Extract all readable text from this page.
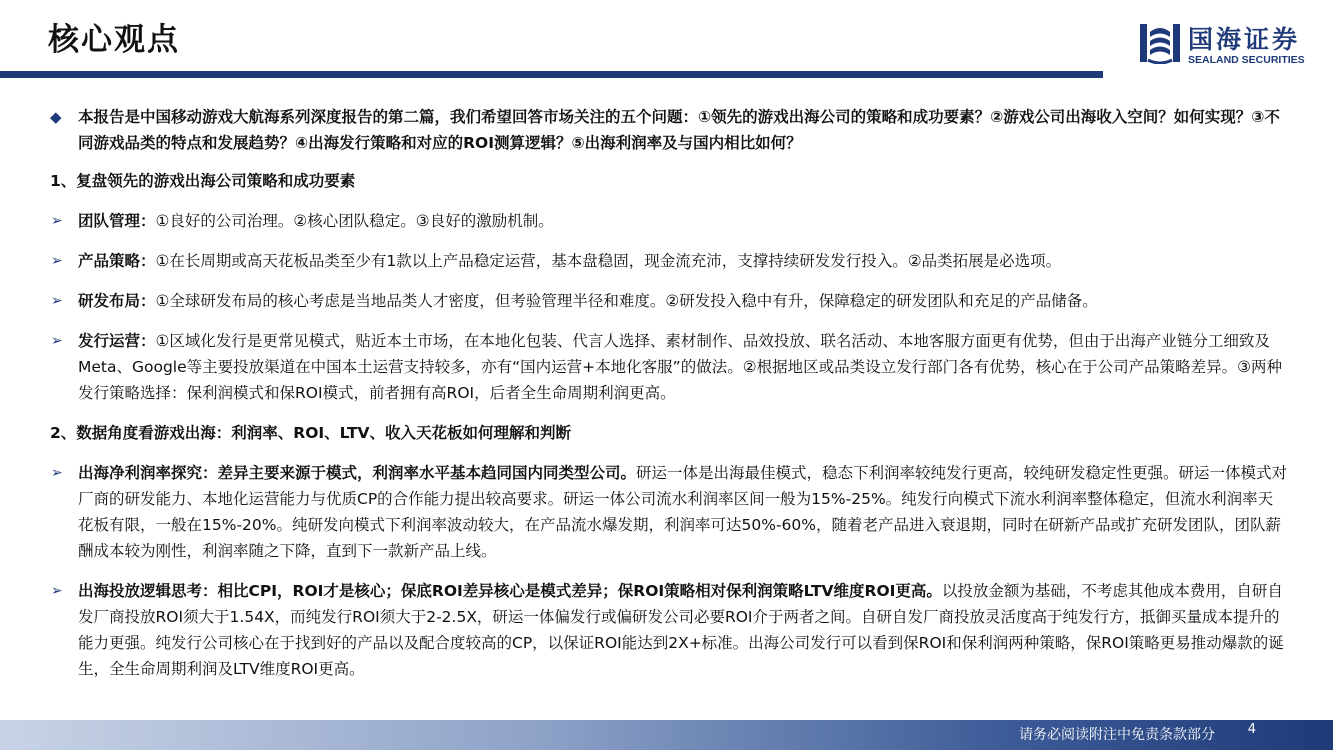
核心观点	国海证券
SEALAND SECURITIES
◆ 本报告是中国移动游戏大航海系列深度报告的第二篇，我们希望回答市场关注的五个问题：①领先的游戏出海公司的策略和成功要素？②游戏公司出海收入空间？如何实现？③不同游戏品类的特点和发展趋势？④出海发行策略和对应的ROI测算逻辑？⑤出海利润率及与国内相比如何？
1、复盘领先的游戏出海公司策略和成功要素
➢ 团队管理：①良好的公司治理。②核心团队稳定。③良好的激励机制。
➢ 产品策略：①在长周期或高天花板品类至少有1款以上产品稳定运营，基本盘稳固，现金流充沛，支撑持续研发发行投入。②品类拓展是必选项。
➢ 研发布局：①全球研发布局的核心考虑是当地品类人才密度，但考验管理半径和难度。②研发投入稳中有升，保障稳定的研发团队和充足的产品储备。
➢ 发行运营：①区域化发行是更常见模式，贴近本土市场，在本地化包装、代言人选择、素材制作、品效投放、联名活动、本地客服方面更有优势，但由于出海产业链分工细致及Meta、Google等主要投放渠道在中国本土运营支持较多，亦有“国内运营+本地化客服”的做法。②根据地区或品类设立发行部门各有优势，核心在于公司产品策略差异。③两种发行策略选择：保利润模式和保ROI模式，前者拥有高ROI，后者全生命周期利润更高。
2、数据角度看游戏出海：利润率、ROI、LTV、收入天花板如何理解和判断
➢ 出海净利润率探究：差异主要来源于模式，利润率水平基本趋同国内同类型公司。研运一体是出海最佳模式，稳态下利润率较纯发行更高，较纯研发稳定性更强。研运一体模式对厂商的研发能力、本地化运营能力与优质CP的合作能力提出较高要求。研运一体公司流水利润率区间一般为15%-25%。纯发行向模式下流水利润率整体稳定，但流水利润率天花板有限，一般在15%-20%。纯研发向模式下利润率波动较大，在产品流水爆发期，利润率可达50%-60%，随着老产品进入衰退期，同时在研新产品或扩充研发团队，团队薪酬成本较为刚性，利润率随之下降，直到下一款新产品上线。
➢ 出海投放逻辑思考：相比CPI，ROI才是核心；保底ROI差异核心是模式差异；保ROI策略相对保利润策略LTV维度ROI更高。以投放金额为基础，不考虑其他成本费用，自研自发厂商投放ROI须大于1.54X，而纯发行ROI须大于2-2.5X，研运一体偏发行或偏研发公司必要ROI介于两者之间。自研自发厂商投放灵活度高于纯发行方，抵御买量成本提升的能力更强。纯发行公司核心在于找到好的产品以及配合度较高的CP，以保证ROI能达到2X+标准。出海公司发行可以看到保ROI和保利润两种策略，保ROI策略更易推动爆款的诞生，全生命周期利润及LTV维度ROI更高。
请务必阅读附注中免责条款部分	4
